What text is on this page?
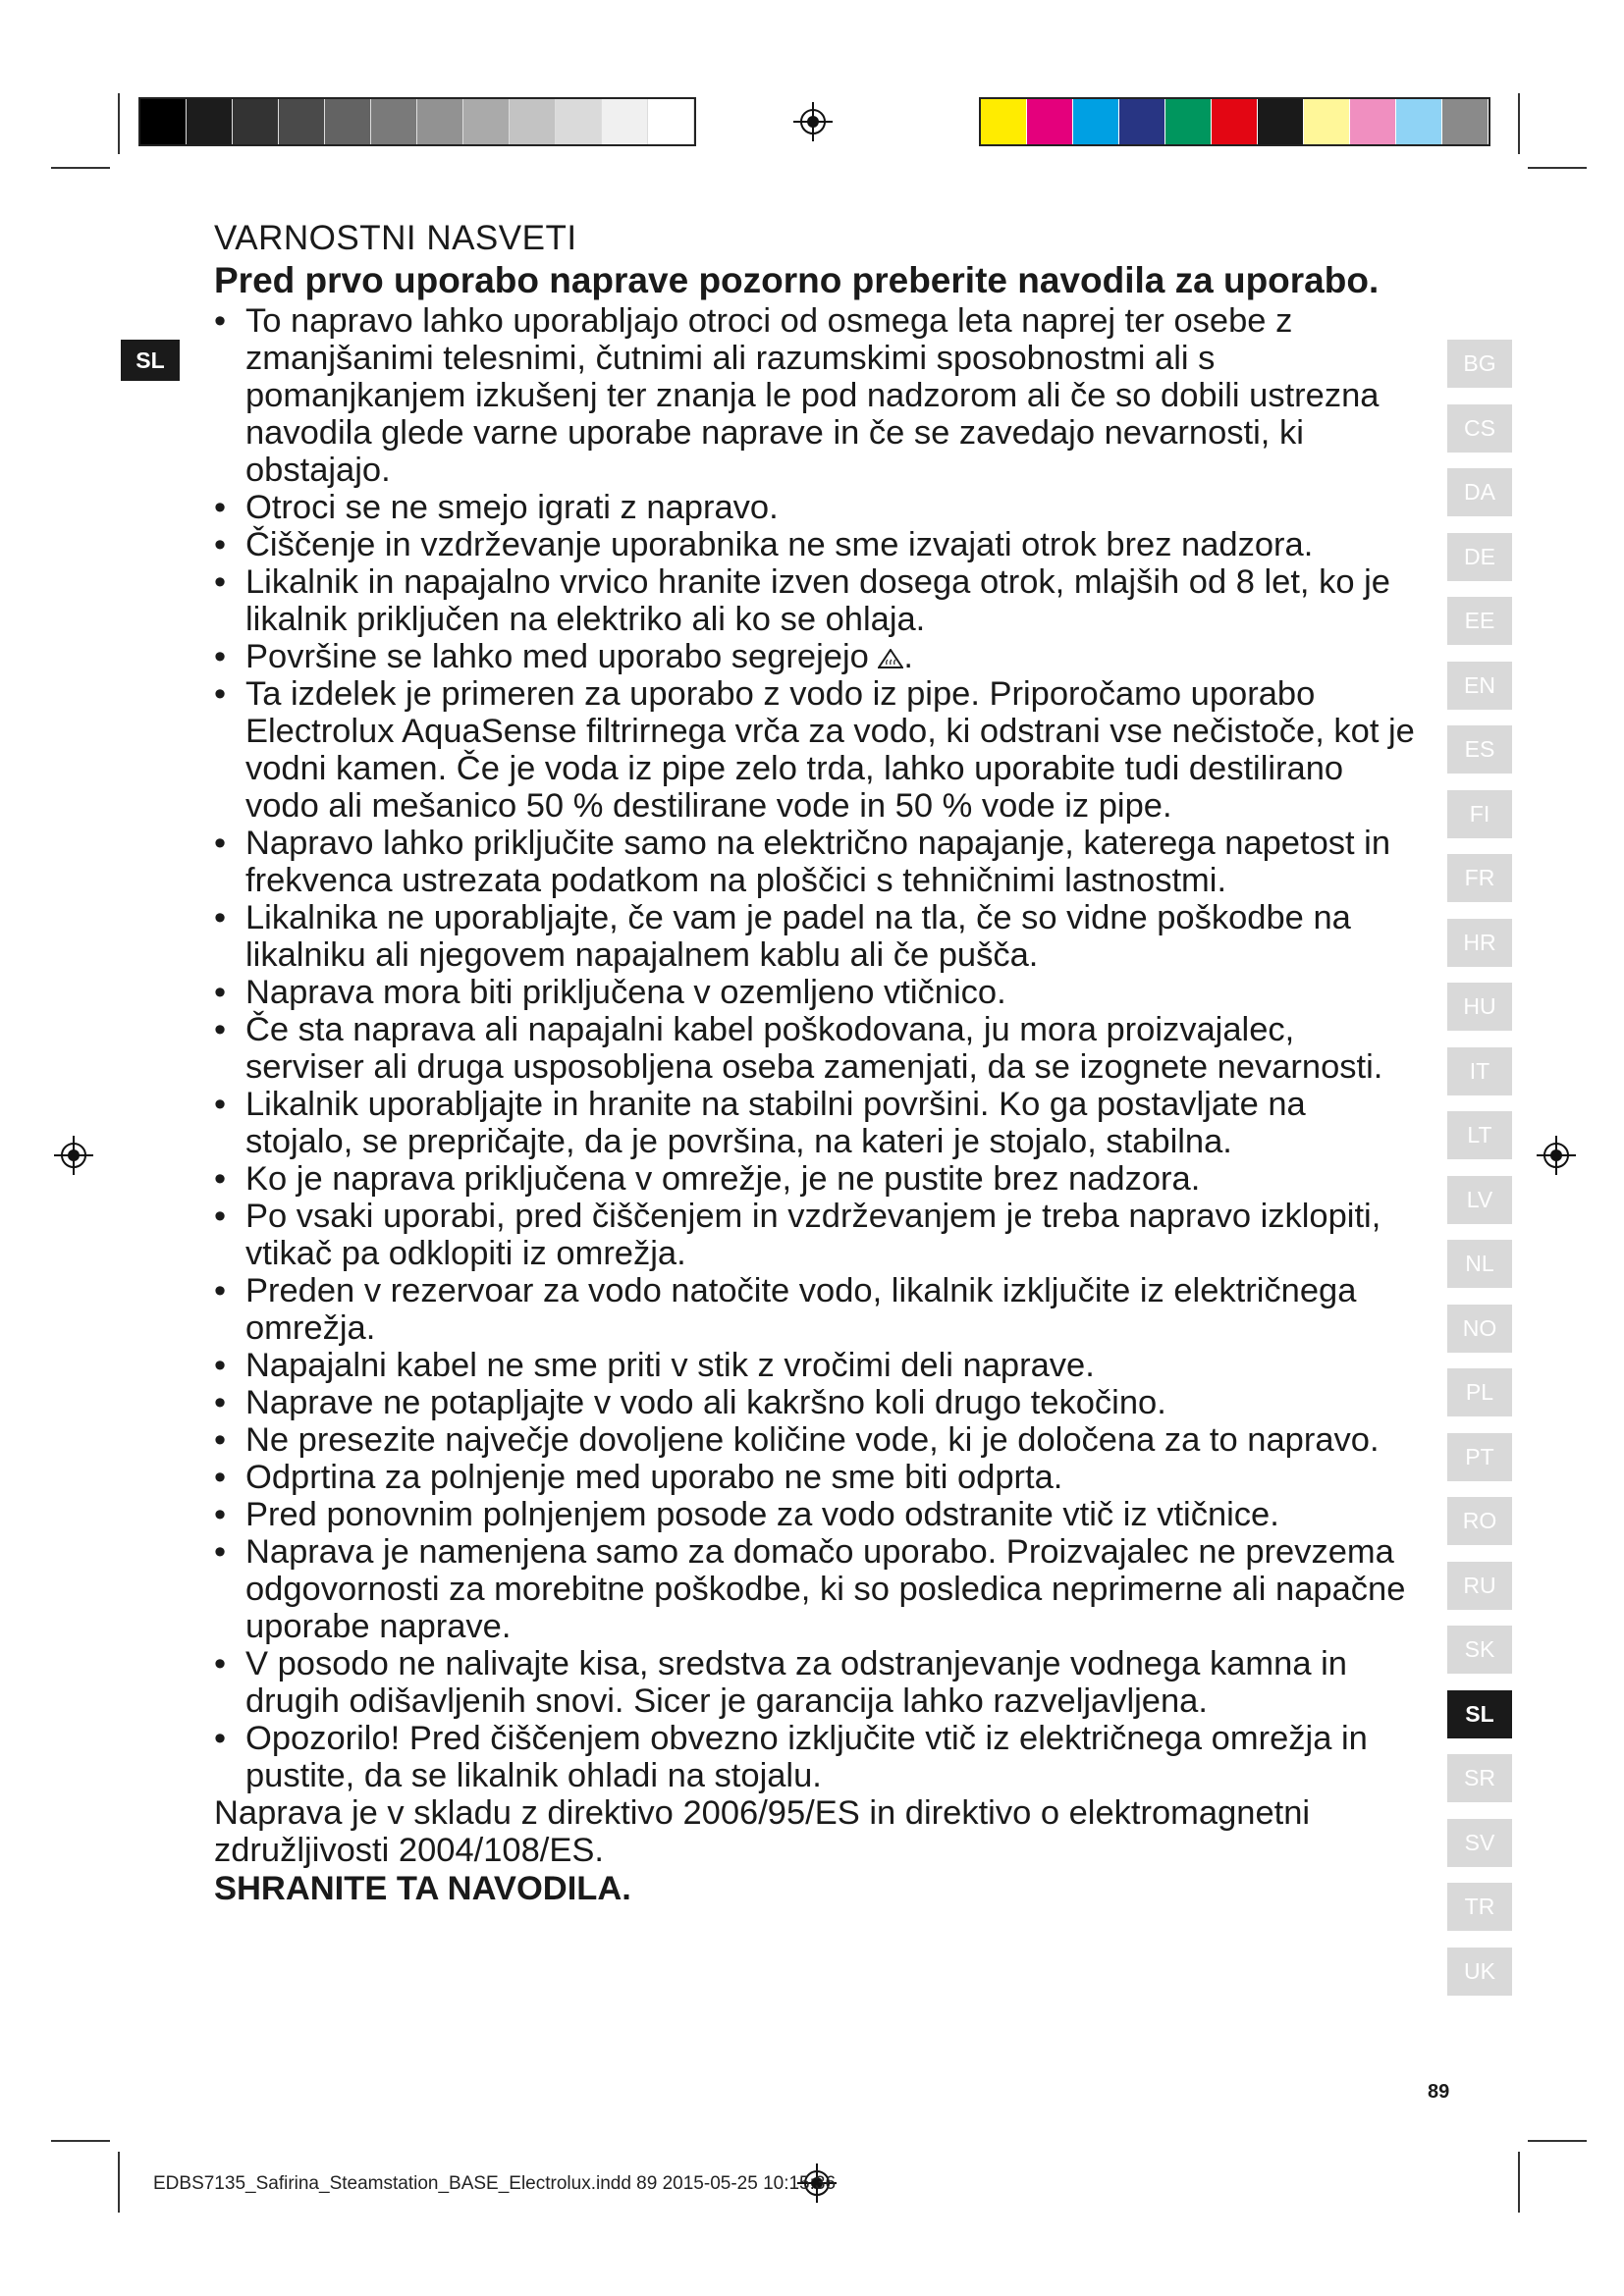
SL
VARNOSTNI NASVETI
Pred prvo uporabo naprave pozorno preberite navodila za uporabo.
• To napravo lahko uporabljajo otroci od osmega leta naprej ter osebe z zmanjšanimi telesnimi, čutnimi ali razumskimi sposobnostmi ali s pomanjkanjem izkušenj ter znanja le pod nadzorom ali če so dobili ustrezna navodila glede varne uporabe naprave in če se zavedajo nevarnosti, ki obstajajo.
• Otroci se ne smejo igrati z napravo.
• Čiščenje in vzdrževanje uporabnika ne sme izvajati otrok brez nadzora.
• Likalnik in napajalno vrvico hranite izven dosega otrok, mlajših od 8 let, ko je likalnik priključen na elektriko ali ko se ohlaja.
• Površine se lahko med uporabo segrejejo .
• Ta izdelek je primeren za uporabo z vodo iz pipe. Priporočamo uporabo Electrolux AquaSense filtrirnega vrča za vodo, ki odstrani vse nečistoče, kot je vodni kamen. Če je voda iz pipe zelo trda, lahko uporabite tudi destilirano vodo ali mešanico 50 % destilirane vode in 50 % vode iz pipe.
• Napravo lahko priključite samo na električno napajanje, katerega napetost in frekvenca ustrezata podatkom na ploščici s tehničnimi lastnostmi.
• Likalnika ne uporabljajte, če vam je padel na tla, če so vidne poškodbe na likalniku ali njegovem napajalnem kablu ali če pušča.
• Naprava mora biti priključena v ozemljeno vtičnico.
• Če sta naprava ali napajalni kabel poškodovana, ju mora proizvajalec, serviser ali druga usposobljena oseba zamenjati, da se izognete nevarnosti.
• Likalnik uporabljajte in hranite na stabilni površini. Ko ga postavljate na stojalo, se prepričajte, da je površina, na kateri je stojalo, stabilna.
• Ko je naprava priključena v omrežje, je ne pustite brez nadzora.
• Po vsaki uporabi, pred čiščenjem in vzdrževanjem je treba napravo izklopiti, vtikač pa odklopiti iz omrežja.
• Preden v rezervoar za vodo natočite vodo, likalnik izključite iz električnega omrežja.
• Napajalni kabel ne sme priti v stik z vročimi deli naprave.
• Naprave ne potapljajte v vodo ali kakršno koli drugo tekočino.
• Ne presezite največje dovoljene količine vode, ki je določena za to napravo.
• Odprtina za polnjenje med uporabo ne sme biti odprta.
• Pred ponovnim polnjenjem posode za vodo odstranite vtič iz vtičnice.
• Naprava je namenjena samo za domačo uporabo. Proizvajalec ne prevzema odgovornosti za morebitne poškodbe, ki so posledica neprimerne ali napačne uporabe naprave.
• V posodo ne nalivajte kisa, sredstva za odstranjevanje vodnega kamna in drugih odišavljenih snovi. Sicer je garancija lahko razveljavljena.
• Opozorilo! Pred čiščenjem obvezno izključite vtič iz električnega omrežja in pustite, da se likalnik ohladi na stojalu.
Naprava je v skladu z direktivo 2006/95/ES in direktivo o elektromagnetni združljivosti 2004/108/ES.
SHRANITE TA NAVODILA.
BG
CS
DA
DE
EE
EN
ES
FI
FR
HR
HU
IT
LT
LV
NL
NO
PL
PT
RO
RU
SK
SL
SR
SV
TR
UK
89
EDBS7135_Safirina_Steamstation_BASE_Electrolux.indd 89 2015-05-25 10:15:36
